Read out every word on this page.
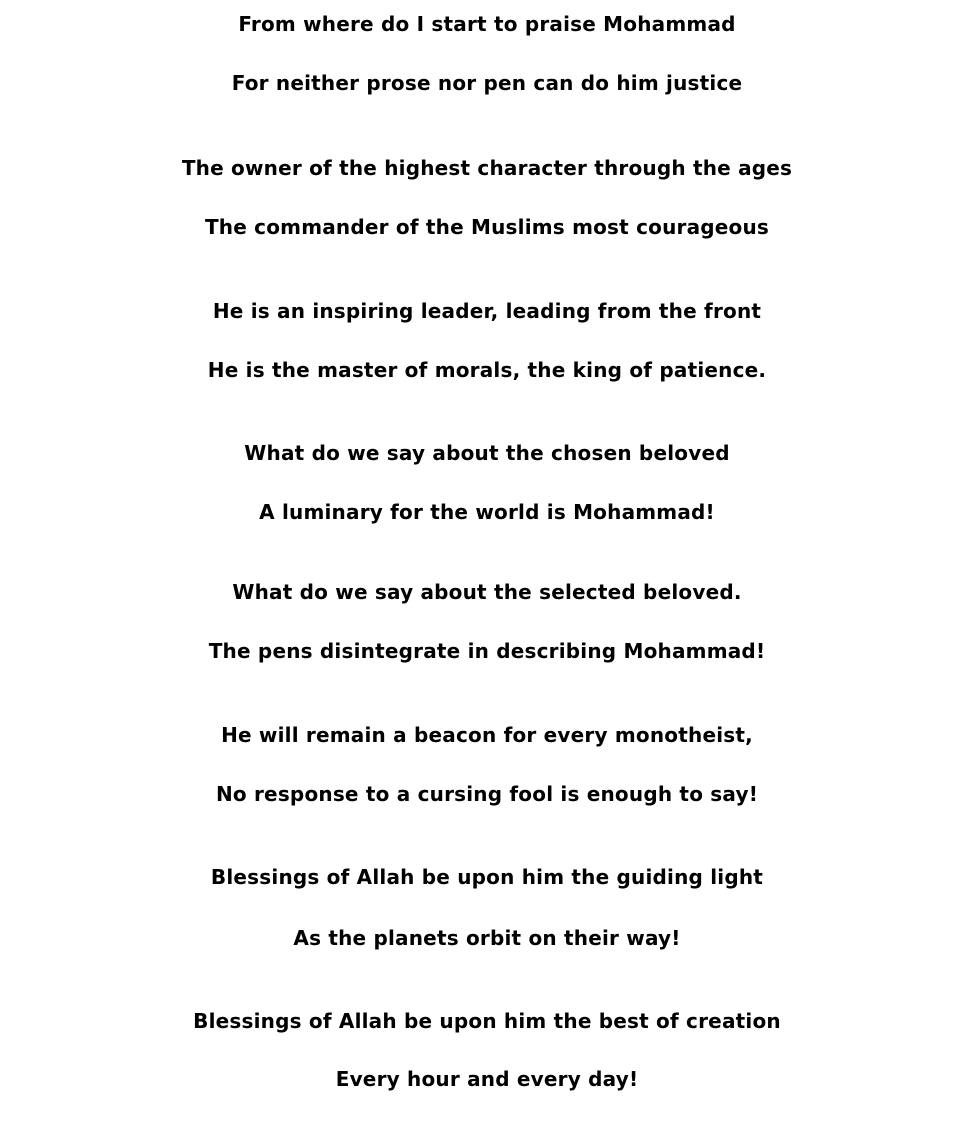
From where do I start to praise Mohammad
For neither prose nor pen can do him justice
The owner of the highest character through the ages
The commander of the Muslims most courageous
He is an inspiring leader, leading from the front
He is the master of morals, the king of patience.
What do we say about the chosen beloved
A luminary for the world is Mohammad!
What do we say about the selected beloved.
The pens disintegrate in describing Mohammad!
He will remain a beacon for every monotheist,
No response to a cursing fool is enough to say!
Blessings of Allah be upon him the guiding light
As the planets orbit on their way!
Blessings of Allah be upon him the best of creation
Every hour and every day!
